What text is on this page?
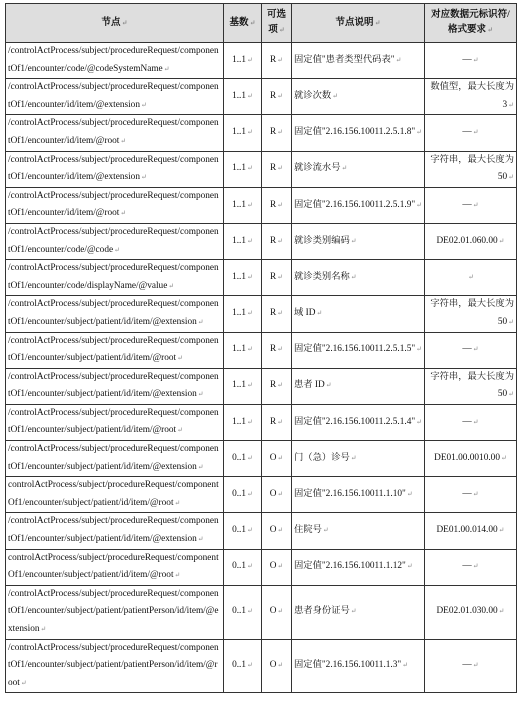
节点↵	基数↵	可选项↵	节点说明↵	对应数据元标识符/格式要求↵
/controlActProcess/subject/procedureRequest/componentOf1/encounter/code/@codeSystemName↵	1..1↵	R↵	固定值"患者类型代码表"↵	—↵
/controlActProcess/subject/procedureRequest/componentOf1/encounter/id/item/@extension↵	1..1↵	R↵	就诊次数↵	数值型，最大长度为 3↵
/controlActProcess/subject/procedureRequest/componentOf1/encounter/id/item/@root↵	1..1↵	R↵	固定值"2.16.156.10011.2.5.1.8"↵	—↵
/controlActProcess/subject/procedureRequest/componentOf1/encounter/id/item/@extension↵	1..1↵	R↵	就诊流水号↵	字符串，最大长度为 50↵
/controlActProcess/subject/procedureRequest/componentOf1/encounter/id/item/@root↵	1..1↵	R↵	固定值"2.16.156.10011.2.5.1.9"↵	—↵
/controlActProcess/subject/procedureRequest/componentOf1/encounter/code/@code↵	1..1↵	R↵	就诊类别编码↵	DE02.01.060.00↵
/controlActProcess/subject/procedureRequest/componentOf1/encounter/code/displayName/@value↵	1..1↵	R↵	就诊类别名称↵	↵
/controlActProcess/subject/procedureRequest/componentOf1/encounter/subject/patient/id/item/@extension↵	1..1↵	R↵	域 ID↵	字符串，最大长度为 50↵
/controlActProcess/subject/procedureRequest/componentOf1/encounter/subject/patient/id/item/@root↵	1..1↵	R↵	固定值"2.16.156.10011.2.5.1.5"↵	—↵
/controlActProcess/subject/procedureRequest/componentOf1/encounter/subject/patient/id/item/@extension↵	1..1↵	R↵	患者 ID↵	字符串，最大长度为 50↵
/controlActProcess/subject/procedureRequest/componentOf1/encounter/subject/patient/id/item/@root↵	1..1↵	R↵	固定值"2.16.156.10011.2.5.1.4"↵	—↵
/controlActProcess/subject/procedureRequest/componentOf1/encounter/subject/patient/id/item/@extension↵	0..1↵	O↵	门（急）诊号↵	DE01.00.0010.00↵
controlActProcess/subject/procedureRequest/componentOf1/encounter/subject/patient/id/item/@root↵	0..1↵	O↵	固定值"2.16.156.10011.1.10"↵	—↵
/controlActProcess/subject/procedureRequest/componentOf1/encounter/subject/patient/id/item/@extension↵	0..1↵	O↵	住院号↵	DE01.00.014.00↵
controlActProcess/subject/procedureRequest/componentOf1/encounter/subject/patient/id/item/@root↵	0..1↵	O↵	固定值"2.16.156.10011.1.12"↵	—↵
/controlActProcess/subject/procedureRequest/componentOf1/encounter/subject/patient/patientPerson/id/item/@extension↵	0..1↵	O↵	患者身份证号↵	DE02.01.030.00↵
/controlActProcess/subject/procedureRequest/componentOf1/encounter/subject/patient/patientPerson/id/item/@root↵	0..1↵	O↵	固定值"2.16.156.10011.1.3"↵	—↵
